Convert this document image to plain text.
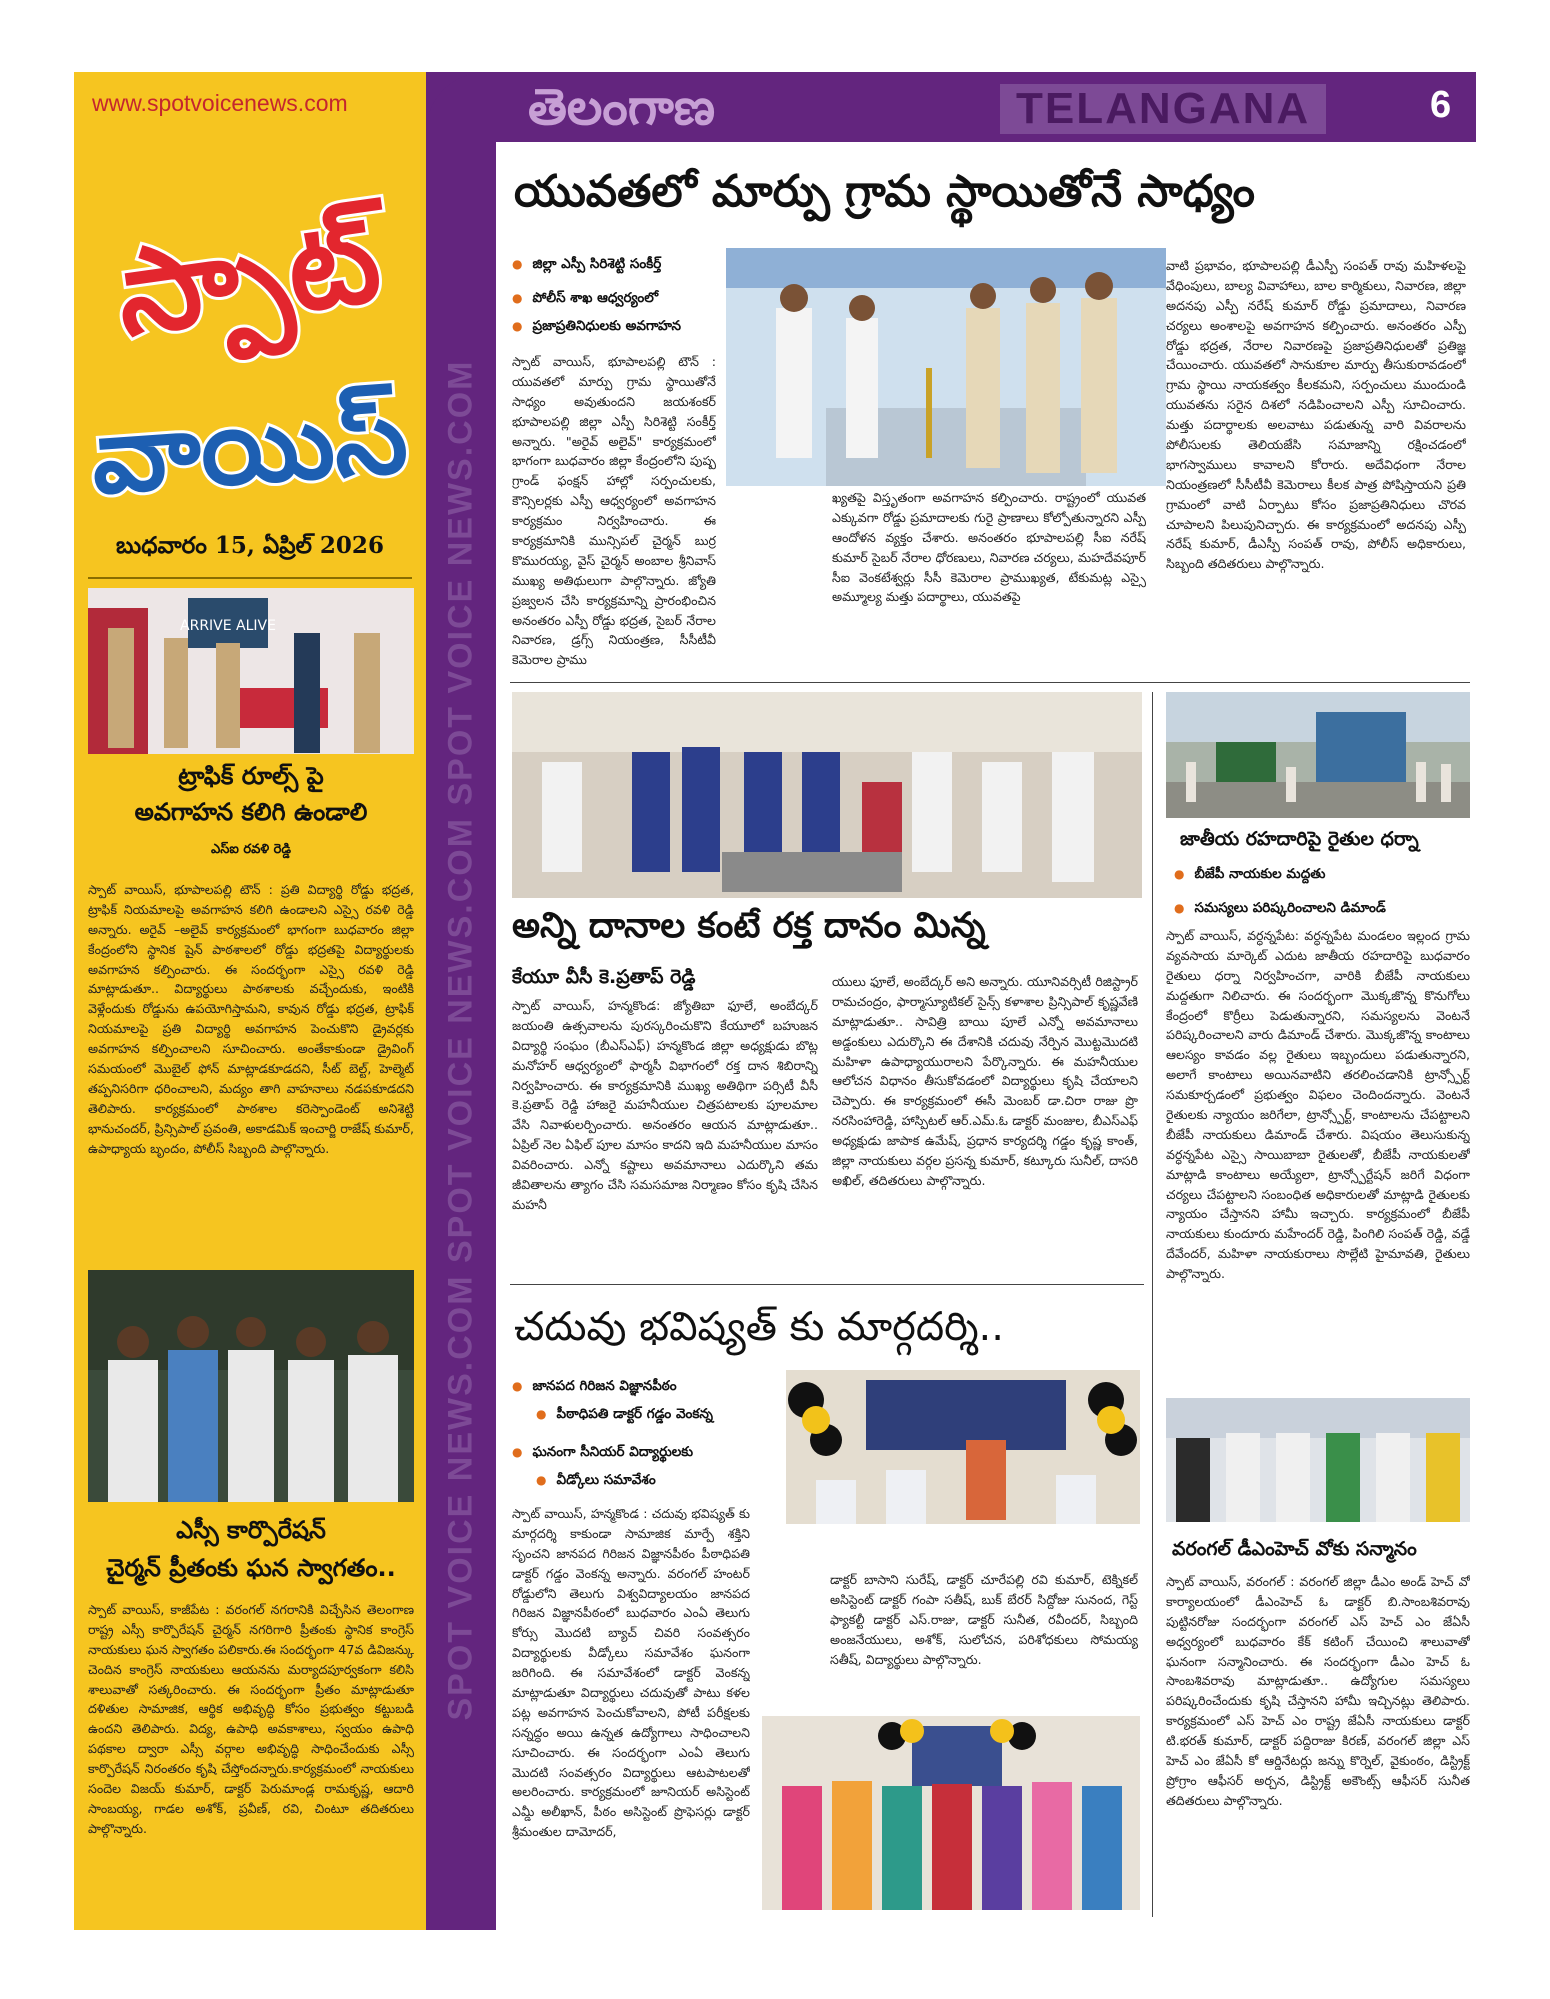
www.spotvoicenews.com
స్పాట్
వాయిస్
బుధవారం 15, ఏప్రిల్ 2026	SPOT VOICE NEWS.COM SPOT VOICE NEWS.COM SPOT VOICE NEWS.COM
తెలంగాణ	TELANGANA	6
యువతలో మార్పు గ్రామ స్థాయితోనే సాధ్యం
● జిల్లా ఎస్పీ సిరిశెట్టి సంకీర్త్
● పోలీస్ శాఖ ఆధ్వర్యంలో
● ప్రజాప్రతినిధులకు అవగాహన
స్పాట్ వాయిస్, భూపాలపల్లి టౌన్ : యువతలో మార్పు గ్రామ స్థాయితోనే సాధ్యం అవుతుందని జయశంకర్ భూపాలపల్లి జిల్లా ఎస్పీ సిరిశెట్టి సంకీర్త్ అన్నారు. "అరైవ్ అలైవ్" కార్యక్రమంలో భాగంగా బుధవారం జిల్లా కేంద్రంలోని పుష్ప గ్రాండ్ ఫంక్షన్ హాల్లో సర్పంచులకు, కౌన్సిలర్లకు ఎస్పీ ఆధ్వర్యంలో అవగాహన కార్యక్రమం నిర్వహించారు. ఈ కార్యక్రమానికి మున్సిపల్ చైర్మన్ బుర్ర కొమురయ్య, వైస్ చైర్మన్ అంబాల శ్రీనివాస్ ముఖ్య అతిథులుగా పాల్గొన్నారు. జ్యోతి ప్రజ్వలన చేసి కార్యక్రమాన్ని ప్రారంభించిన అనంతరం ఎస్పీ రోడ్డు భద్రత, సైబర్ నేరాల నివారణ, డ్రగ్స్ నియంత్రణ, సీసీటీవీ కెమెరాల ప్రాము
ఖ్యతపై విస్తృతంగా అవగాహన కల్పించారు. రాష్ట్రంలో యువత ఎక్కువగా రోడ్డు ప్రమాదాలకు గురై ప్రాణాలు కోల్పోతున్నారని ఎస్పీ ఆందోళన వ్యక్తం చేశారు. అనంతరం భూపాలపల్లి సీఐ నరేష్ కుమార్ సైబర్ నేరాల ధోరణులు, నివారణ చర్యలు, మహదేవపూర్ సీఐ వెంకటేశ్వర్లు సీసీ కెమెరాల ప్రాముఖ్యత, టేకుమట్ల ఎస్సై అమ్మూల్య మత్తు పదార్థాలు, యువతపై
వాటి ప్రభావం, భూపాలపల్లి డీఎస్పీ సంపత్ రావు మహిళలపై వేధింపులు, బాల్య వివాహాలు, బాల కార్మికులు, నివారణ, జిల్లా అదనపు ఎస్పీ నరేష్ కుమార్ రోడ్డు ప్రమాదాలు, నివారణ చర్యలు అంశాలపై అవగాహన కల్పించారు. అనంతరం ఎస్పీ రోడ్డు భద్రత, నేరాల నివారణపై ప్రజాప్రతినిధులతో ప్రతిజ్ఞ చేయించారు. యువతలో సానుకూల మార్పు తీసుకురావడంలో గ్రామ స్థాయి నాయకత్వం కీలకమని, సర్పంచులు ముందుండి యువతను సరైన దిశలో నడిపించాలని ఎస్పీ సూచించారు. మత్తు పదార్థాలకు అలవాటు పడుతున్న వారి వివరాలను పోలీసులకు తెలియజేసి సమాజాన్ని రక్షించడంలో భాగస్వాములు కావాలని కోరారు. అదేవిధంగా నేరాల నియంత్రణలో సీసీటీవీ కెమెరాలు కీలక పాత్ర పోషిస్తాయని ప్రతి గ్రామంలో వాటి ఏర్పాటు కోసం ప్రజాప్రతినిధులు చొరవ చూపాలని పిలుపునిచ్చారు. ఈ కార్యక్రమంలో అదనపు ఎస్పీ నరేష్ కుమార్, డీఎస్పీ సంపత్ రావు, పోలీస్ అధికారులు, సిబ్బంది తదితరులు పాల్గొన్నారు.
ARRIVE ALIVE
ట్రాఫిక్ రూల్స్ పై
అవగాహన కలిగి ఉండాలి
ఎస్ఐ రవళి రెడ్డి
స్పాట్ వాయిస్, భూపాలపల్లి టౌన్ : ప్రతి విద్యార్థి రోడ్డు భద్రత, ట్రాఫిక్ నియమాలపై అవగాహన కలిగి ఉండాలని ఎస్సై రవళి రెడ్డి అన్నారు. అరైవ్ –అలైవ్ కార్యక్రమంలో భాగంగా బుధవారం జిల్లా కేంద్రంలోని స్థానిక షైన్ పాఠశాలలో రోడ్డు భద్రతపై విద్యార్థులకు అవగాహన కల్పించారు. ఈ సందర్భంగా ఎస్సై రవళి రెడ్డి మాట్లాడుతూ.. విద్యార్థులు పాఠశాలకు వచ్చేందుకు, ఇంటికి వెళ్లేందుకు రోడ్డును ఉపయోగిస్తామని, కావున రోడ్డు భద్రత, ట్రాఫిక్ నియమాలపై ప్రతి విద్యార్థి అవగాహన పెంచుకొని డ్రైవర్లకు అవగాహన కల్పించాలని సూచించారు. అంతేకాకుండా డ్రైవింగ్ సమయంలో మొబైల్ ఫోన్ మాట్లాడకూడదని, సీట్ బెల్ట్, హెల్మెట్ తప్పనిసరిగా ధరించాలని, మద్యం తాగి వాహనాలు నడపకూడదని తెలిపారు. కార్యక్రమంలో పాఠశాల కరెస్పాండెంట్ అనిశెట్టి భానుచందర్, ప్రిన్సిపాల్ ప్రవంతి, అకాడమిక్ ఇంచార్జి రాజేష్ కుమార్, ఉపాధ్యాయ బృందం, పోలీస్ సిబ్బంది పాల్గొన్నారు.
ఎస్సీ కార్పొరేషన్
చైర్మన్ ప్రీతంకు ఘన స్వాగతం..
స్పాట్ వాయిస్, కాజీపేట : వరంగల్ నగరానికి విచ్చేసిన తెలంగాణ రాష్ట్ర ఎస్సీ కార్పొరేషన్ చైర్మన్ నగరిగారి ప్రీతంకు స్థానిక కాంగ్రెస్ నాయకులు ఘన స్వాగతం పలికారు.ఈ సందర్భంగా 47వ డివిజన్కు చెందిన కాంగ్రెస్ నాయకులు ఆయనను మర్యాదపూర్వకంగా కలిసి శాలువాతో సత్కరించారు. ఈ సందర్భంగా ప్రీతం మాట్లాడుతూ దళితుల సామాజిక, ఆర్థిక అభివృద్ధి కోసం ప్రభుత్వం కట్టుబడి ఉందని తెలిపారు. విద్య, ఉపాధి అవకాశాలు, స్వయం ఉపాధి పథకాల ద్వారా ఎస్సీ వర్గాల అభివృద్ధి సాధించేందుకు ఎస్సీ కార్పొరేషన్ నిరంతరం కృషి చేస్తోందన్నారు.కార్యక్రమంలో నాయకులు సందెల విజయ్ కుమార్, డాక్టర్ పెరుమాండ్ల రామకృష్ణ, ఆదారి సాంబయ్య, గాడల అశోక్, ప్రవీణ్, రవి, చింటూ తదితరులు పాల్గొన్నారు.
అన్ని దానాల కంటే రక్త దానం మిన్న
కేయూ వీసీ కె.ప్రతాప్ రెడ్డి
స్పాట్ వాయిస్, హన్మకొండ: జ్యోతిబా ఫూలే, అంబేద్కర్ జయంతి ఉత్సవాలను పురస్కరించుకొని కేయూలో బహుజన విద్యార్థి సంఘం (బీఎస్ఎఫ్) హన్మకొండ జిల్లా అధ్యక్షుడు బొట్ల మనోహర్ ఆధ్వర్యంలో ఫార్మసీ విభాగంలో రక్త దాన శిబిరాన్ని నిర్వహించారు. ఈ కార్యక్రమానికి ముఖ్య అతిథిగా పర్సిటీ వీసీ కె.ప్రతాప్ రెడ్డి హాజరై మహనీయుల చిత్రపటాలకు పూలమాల వేసి నివాళులర్పించారు. అనంతరం ఆయన మాట్లాడుతూ.. ఏప్రిల్ నెల ఏఫిల్ పూల మాసం కాదని ఇది మహనీయుల మాసం వివరించారు. ఎన్నో కష్టాలు అవమానాలు ఎదుర్కొని తమ జీవితాలను త్యాగం చేసి సమసమాజ నిర్మాణం కోసం కృషి చేసిన మహనీ
యులు ఫూలే, అంబేద్కర్ అని అన్నారు. యూనివర్సిటీ రిజిస్ట్రార్ రామచంద్రం, ఫార్మాస్యూటికల్ సైన్స్ కళాశాల ప్రిన్సిపాల్ కృష్ణవేణి మాట్లాడుతూ.. సావిత్రి బాయి పూలే ఎన్నో అవమానాలు అడ్డంకులు ఎదుర్కొని ఈ దేశానికి చదువు నేర్పిన మొట్టమొదటి మహిళా ఉపాధ్యాయురాలని పేర్కొన్నారు. ఈ మహనీయుల ఆలోచన విధానం తీసుకోవడంలో విద్యార్థులు కృషి చేయాలని చెప్పారు. ఈ కార్యక్రమంలో ఈసీ మెంబర్ డా.చిరా రాజు ప్రొ నరసింహారెడ్డి, హాస్పిటల్ ఆర్.ఎమ్.ఓ డాక్టర్ మంజుల, బీఎస్ఎఫ్ అధ్యక్షుడు జాపాక ఉమేష్, ప్రధాన కార్యదర్శి గడ్డం కృష్ణ కాంత్, జిల్లా నాయకులు వర్గల ప్రసన్న కుమార్, కట్కూరు సునీల్, దాసరి అఖిల్, తదితరులు పాల్గొన్నారు.
జాతీయ రహదారిపై రైతుల ధర్నా
● బీజేపీ నాయకుల మద్దతు
● సమస్యలు పరిష్కరించాలని డిమాండ్
స్పాట్ వాయిస్, వర్ధన్నపేట: వర్ధన్నపేట మండలం ఇల్లంద గ్రామ వ్యవసాయ మార్కెట్ ఎదుట జాతీయ రహదారిపై బుధవారం రైతులు ధర్నా నిర్వహించగా, వారికి బీజేపీ నాయకులు మద్దతుగా నిలిచారు. ఈ సందర్భంగా మొక్కజొన్న కొనుగోలు కేంద్రంలో కొర్రీలు పెడుతున్నారని, సమస్యలను వెంటనే పరిష్కరించాలని వారు డిమాండ్ చేశారు. మొక్కజొన్న కాంటాలు ఆలస్యం కావడం వల్ల రైతులు ఇబ్బందులు పడుతున్నారని, అలాగే కాంటాలు అయినవాటిని తరలించడానికి ట్రాన్స్పోర్ట్ సమకూర్చడంలో ప్రభుత్వం విఫలం చెందిందన్నారు. వెంటనే రైతులకు న్యాయం జరిగేలా, ట్రాన్స్పోర్ట్, కాంటాలను చేపట్టాలని బీజేపీ నాయకులు డిమాండ్ చేశారు. విషయం తెలుసుకున్న వర్ధన్నపేట ఎస్సై సాయిబాబా రైతులతో, బీజేపీ నాయకులతో మాట్లాడి కాంటాలు అయ్యేలా, ట్రాన్స్పోర్టేషన్ జరిగే విధంగా చర్యలు చేపట్టాలని సంబంధిత అధికారులతో మాట్లాడి రైతులకు న్యాయం చేస్తానని హామీ ఇచ్చారు. కార్యక్రమంలో బీజేపీ నాయకులు కుందూరు మహేందర్ రెడ్డి, పింగిలి సంపత్ రెడ్డి, వడ్డే దేవేందర్, మహిళా నాయకురాలు సొల్లేటి హైమావతి, రైతులు పాల్గొన్నారు.
చదువు భవిష్యత్ కు మార్గదర్శి..
● జానపద గిరిజన విజ్ఞానపీఠం
● పీఠాధిపతి డాక్టర్ గడ్డం వెంకన్న
● ఘనంగా సీనియర్ విద్యార్థులకు
● వీడ్కోలు సమావేశం
స్పాట్ వాయిస్, హన్మకొండ : చదువు భవిష్యత్ కు మార్గదర్శి కాకుండా సామాజిక మార్పే శక్తిని సృంచని జానపద గిరిజన విజ్ఞానపీఠం పీఠాధిపతి డాక్టర్ గడ్డం వెంకన్న అన్నారు. వరంగల్ హంటర్ రోడ్డులోని తెలుగు విశ్వవిద్యాలయం జానపద గిరిజన విజ్ఞానపీఠంలో బుధవారం ఎంఏ తెలుగు కోర్సు మొదటి బ్యాచ్ చివరి సంవత్సరం విద్యార్థులకు వీడ్కోలు సమావేశం ఘనంగా జరిగింది. ఈ సమావేశంలో డాక్టర్ వెంకన్న మాట్లాడుతూ విద్యార్థులు చదువుతో పాటు కళల పట్ల అవగాహన పెంచుకోవాలని, పోటీ పరీక్షలకు సన్నద్ధం అయి ఉన్నత ఉద్యోగాలు సాధించాలని సూచించారు. ఈ సందర్భంగా ఎంఏ తెలుగు మొదటి సంవత్సరం విద్యార్థులు ఆటపాటలతో అలరించారు. కార్యక్రమంలో జూనియర్ అసిస్టెంట్ ఎమ్డీ అలీఖాన్, పీఠం అసిస్టెంట్ ప్రొఫెసర్లు డాక్టర్ శ్రీమంతుల దామోదర్,
డాక్టర్ బాసాని సురేష్, డాక్టర్ చూరేపల్లి రవి కుమార్, టెక్నికల్ అసిస్టెంట్ డాక్టర్ గంపా సతీష్, బుక్ బేరర్ సిద్దోజు సునంద, గెస్ట్ ఫ్యాకల్టీ డాక్టర్ ఎస్.రాజు, డాక్టర్ సునీత, రవీందర్, సిబ్బంది అంజనేయులు, అశోక్, సులోచన, పరిశోధకులు సోమయ్య సతీష్, విద్యార్థులు పాల్గొన్నారు.
వరంగల్ డీఎంహెచ్ వోకు సన్మానం
స్పాట్ వాయిస్, వరంగల్ : వరంగల్ జిల్లా డీఎం అండ్ హెచ్ వో కార్యాలయంలో డీఎంహెచ్ ఓ డాక్టర్ బి.సాంబశివరావు పుట్టినరోజు సందర్భంగా వరంగల్ ఎస్ హెచ్ ఎం జేఏసీ అధ్వర్యంలో బుధవారం కేక్ కటింగ్ చేయించి శాలువాతో ఘనంగా సన్మానించారు. ఈ సందర్భంగా డీఎం హెచ్ ఓ సాంబశివరావు మాట్లాడుతూ.. ఉద్యోగుల సమస్యలు పరిష్కరించేందుకు కృషి చేస్తానని హామీ ఇచ్చినట్లు తెలిపారు. కార్యక్రమంలో ఎస్ హెచ్ ఎం రాష్ట్ర జేఏసీ నాయకులు డాక్టర్ టి.భరత్ కుమార్, డాక్టర్ పద్దిరాజు కిరణ్, వరంగల్ జిల్లా ఎస్ హెచ్ ఎం జేఏసీ కో ఆర్డినేటర్లు జన్ను కొర్నెల్, వైకుంఠం, డిస్ట్రిక్ట్ ప్రోగ్రాం ఆఫీసర్ అర్చన, డిస్ట్రిక్ట్ అకౌంట్స్ ఆఫీసర్ సునీత తదితరులు పాల్గొన్నారు.
